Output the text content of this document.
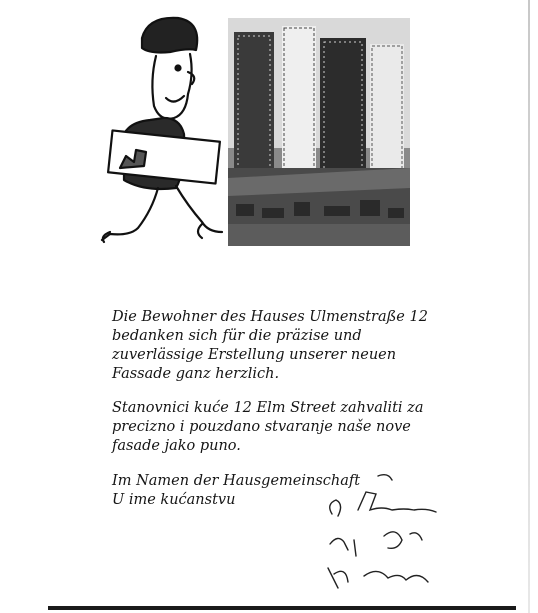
Die Bewohner des Hauses Ulmenstraße 12

bedanken sich für die präzise und

zuverlässige Erstellung unserer neuen

Fassade ganz herzlich.

Stanovnici kuće 12 Elm Street zahvaliti za

precizno i pouzdano stvaranje naše nove

fasade jako puno.

Im Namen der Hausgemeinschaft

U ime kućanstvu
